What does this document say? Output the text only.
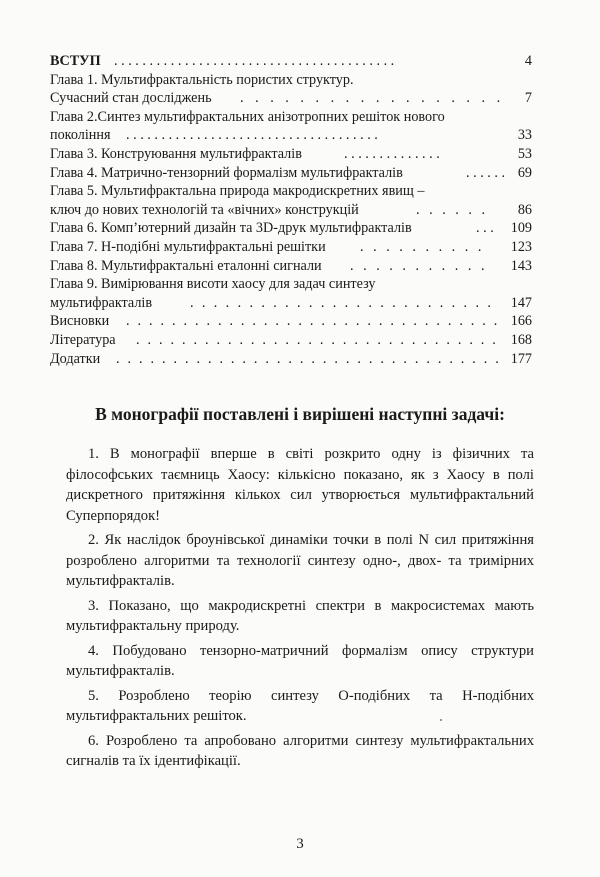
ВСТУП . . . . . . . . . . . . . . . . . . . . . . . . . . . . . . . . . . . . . . . .	4
Глава 1. Мультифрактальність пористих структур.
Сучасний стан досліджень . . . . . . . . . . . . . . . . . . 7
Глава 2.Синтез мультифрактальних анізотропних решіток нового
покоління . . . . . . . . . . . . . . . . . . . . . . . . . . . . . . . . . . . .	33
Глава 3. Конструювання мультифракталів	. . . . . . . . . . . . . .	53
Глава 4. Матрично-тензорний формалізм мультифракталів	. . . . . . 69
Глава 5. Мультифрактальна природа макродискретних явищ –
ключ до нових технологій та «вічних» конструкцій	. . . . . . 86
Глава 6. Комп’ютерний дизайн та 3D-друк мультифракталів	. . . 109
Глава 7. Н-подібні мультифрактальні решітки . . . . . . . . . . 123
Глава 8. Мультифрактальні еталонні сигнали . . . . . . . . . . . 143
Глава 9. Вимірювання висоти хаосу для задач синтезу
мультифракталів	. . . . . . . . . . . . . . . . . . . . . . . . . . 147
Висновки . . . . . . . . . . . . . . . . . . . . . . . . . . . . . . . . . 166
Література . . . . . . . . . . . . . . . . . . . . . . . . . . . . . . . . 168
Додатки . . . . . . . . . . . . . . . . . . . . . . . . . . . . . . . . . . 177
В монографії поставлені і вирішені наступні задачі:

1. В монографії вперше в світі розкрито одну із фізичних та філософських таємниць Хаосу: кількісно показано, як з Хаосу в полі дискретного притяжіння кількох сил утворюється мультифрактальний Суперпорядок!

2. Як наслідок броунівської динаміки точки в полі N сил притяжіння розроблено алгоритми та технології синтезу одно-, двох- та тримірних мультифракталів.

3. Показано, що макродискретні спектри в макросистемах мають мультифрактальну природу.

4. Побудовано тензорно-матричний формалізм опису структури мультифракталів.

5. Розроблено теорію синтезу О-подібних та Н-подібних мультифрактальних решіток.

6. Розроблено та апробовано алгоритми синтезу мультифрактальних сигналів та їх ідентифікації.

3
